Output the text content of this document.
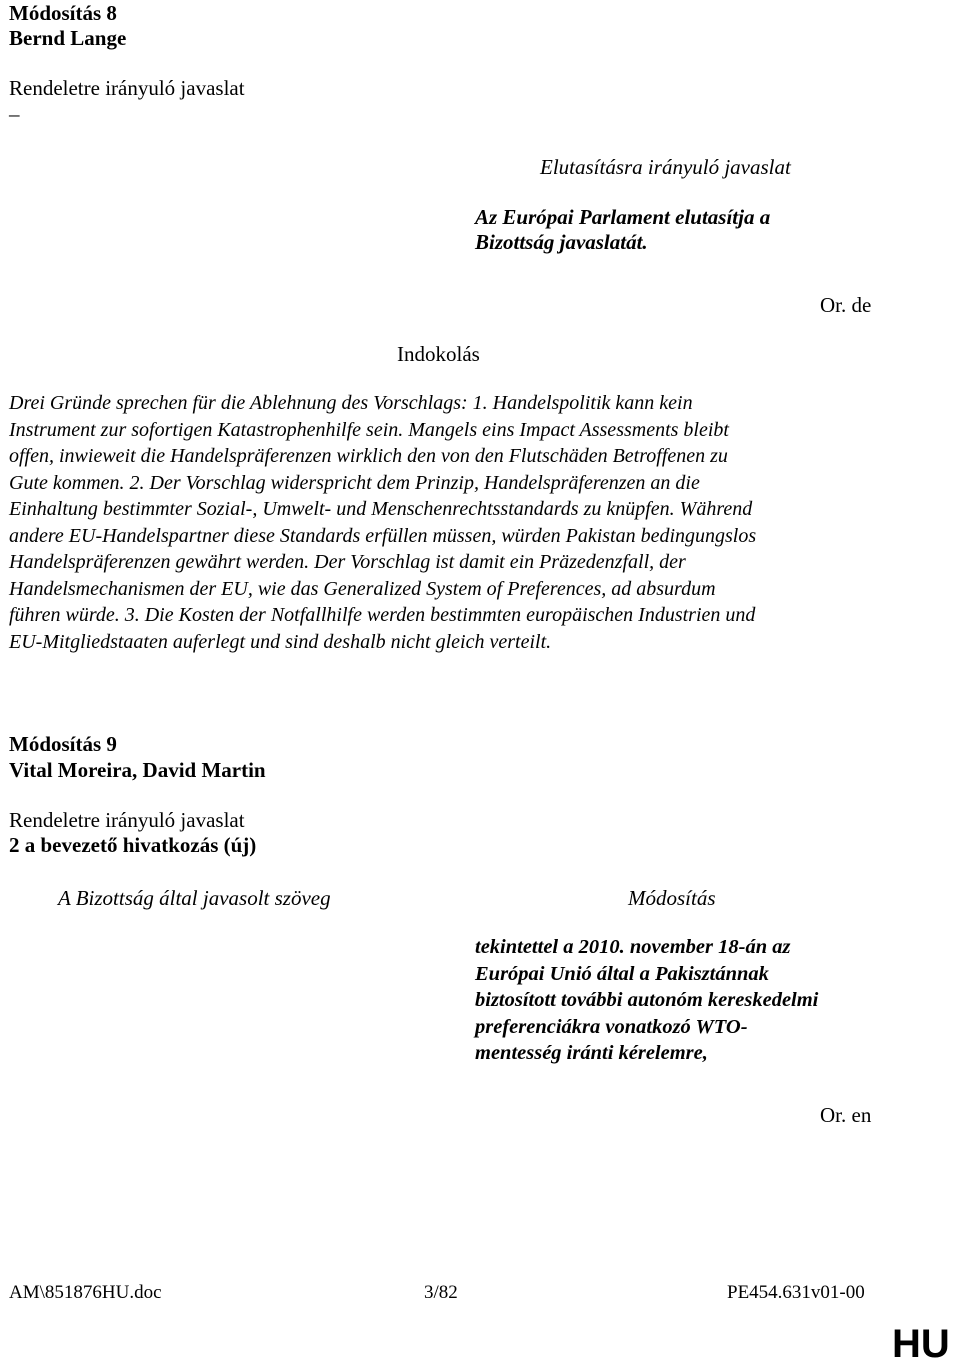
Módosítás 8
Bernd Lange
Rendeletre irányuló javaslat
–
Elutasításra irányuló javaslat
Az Európai Parlament elutasítja a
Bizottság javaslatát.
Or. de
Indokolás
Drei Gründe sprechen für die Ablehnung des Vorschlags: 1. Handelspolitik kann kein
Instrument zur sofortigen Katastrophenhilfe sein. Mangels eins Impact Assessments bleibt
offen, inwieweit die Handelspräferenzen wirklich den von den Flutschäden Betroffenen zu
Gute kommen. 2. Der Vorschlag widerspricht dem Prinzip, Handelspräferenzen an die
Einhaltung bestimmter Sozial-, Umwelt- und Menschenrechtsstandards zu knüpfen. Während
andere EU-Handelspartner diese Standards erfüllen müssen, würden Pakistan bedingungslos
Handelspräferenzen gewährt werden. Der Vorschlag ist damit ein Präzedenzfall, der
Handelsmechanismen der EU, wie das Generalized System of Preferences, ad absurdum
führen würde. 3. Die Kosten der Notfallhilfe werden bestimmten europäischen Industrien und
EU-Mitgliedstaaten auferlegt und sind deshalb nicht gleich verteilt.
Módosítás 9
Vital Moreira, David Martin
Rendeletre irányuló javaslat
2 a bevezető hivatkozás (új)
A Bizottság által javasolt szöveg	Módosítás
tekintettel a 2010. november 18-án az
Európai Unió által a Pakisztánnak
biztosított további autonóm kereskedelmi
preferenciákra vonatkozó WTO-
mentesség iránti kérelemre,
Or. en
AM\851876HU.doc	3/82	PE454.631v01-00
HU
